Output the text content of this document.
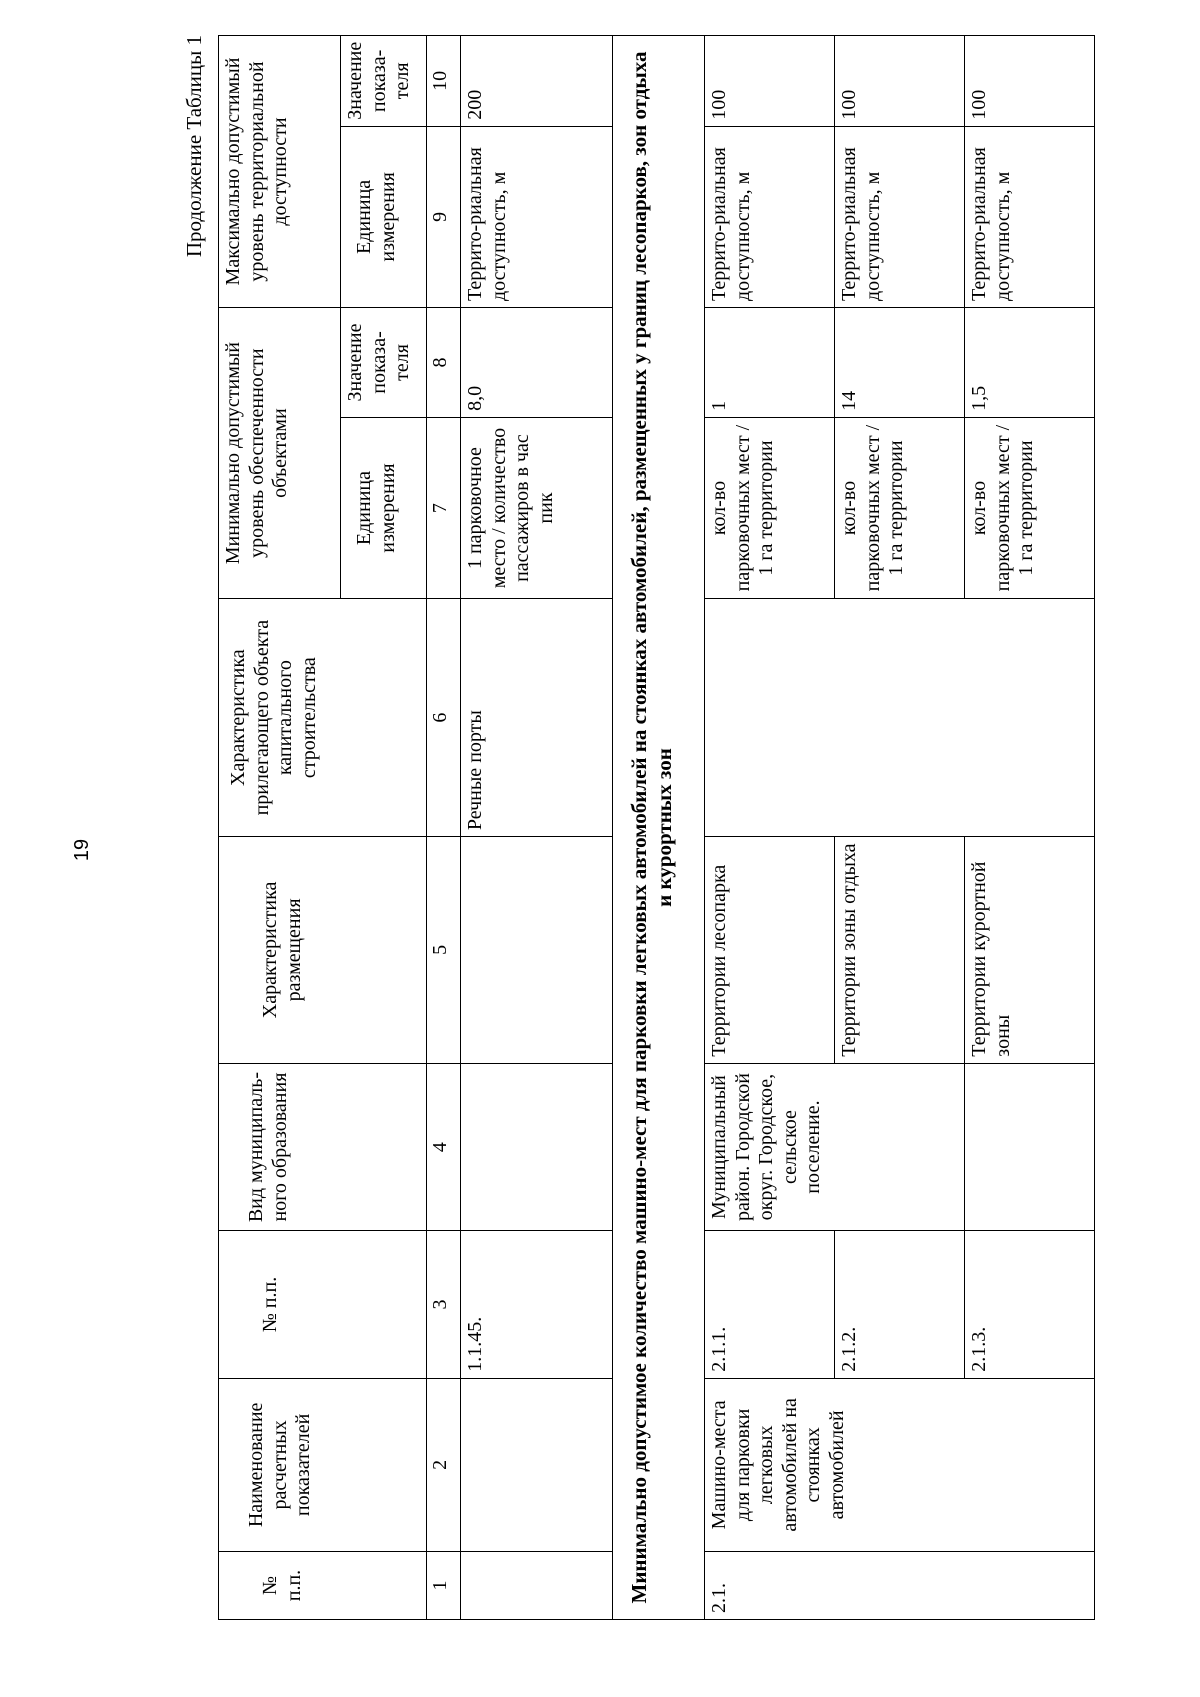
19
Продолжение Таблицы 1
№ п.п.	Наименование расчетных показателей	№ п.п.	Вид муниципаль-ного образования	Характеристика размещения	Характеристика прилегающего объекта капитального строительства	Минимально допустимый уровень обеспеченности объектами		Максимально допустимый уровень территориальной доступности	
						Единица измерения	Значение показа-теля	Единица измерения	Значение показа-теля
1	2	3	4	5	6	7	8	9	10
		1.1.45.			Речные порты	1 парковочное место / количество пассажиров в час пик	8,0	Террито-риальная доступность, м	200
Минимально допустимое количество машино-мест для парковки легковых автомобилей на стоянках автомобилей, размещенных у границ лесопарков, зон отдыха и курортных зон									
2.1.	Машино-места для парковки легковых автомобилей на стоянках автомобилей	2.1.1.	Муниципальный район. Городской округ. Городское, сельское поселение.	Территории лесопарка		кол-во парковочных мест / 1 га территории	1	Террито-риальная доступность, м	100
		2.1.2.		Территории зоны отдыха		кол-во парковочных мест / 1 га территории	14	Террито-риальная доступность, м	100
		2.1.3.		Территории курортной зоны		кол-во парковочных мест / 1 га территории	1,5	Террито-риальная доступность, м	100
